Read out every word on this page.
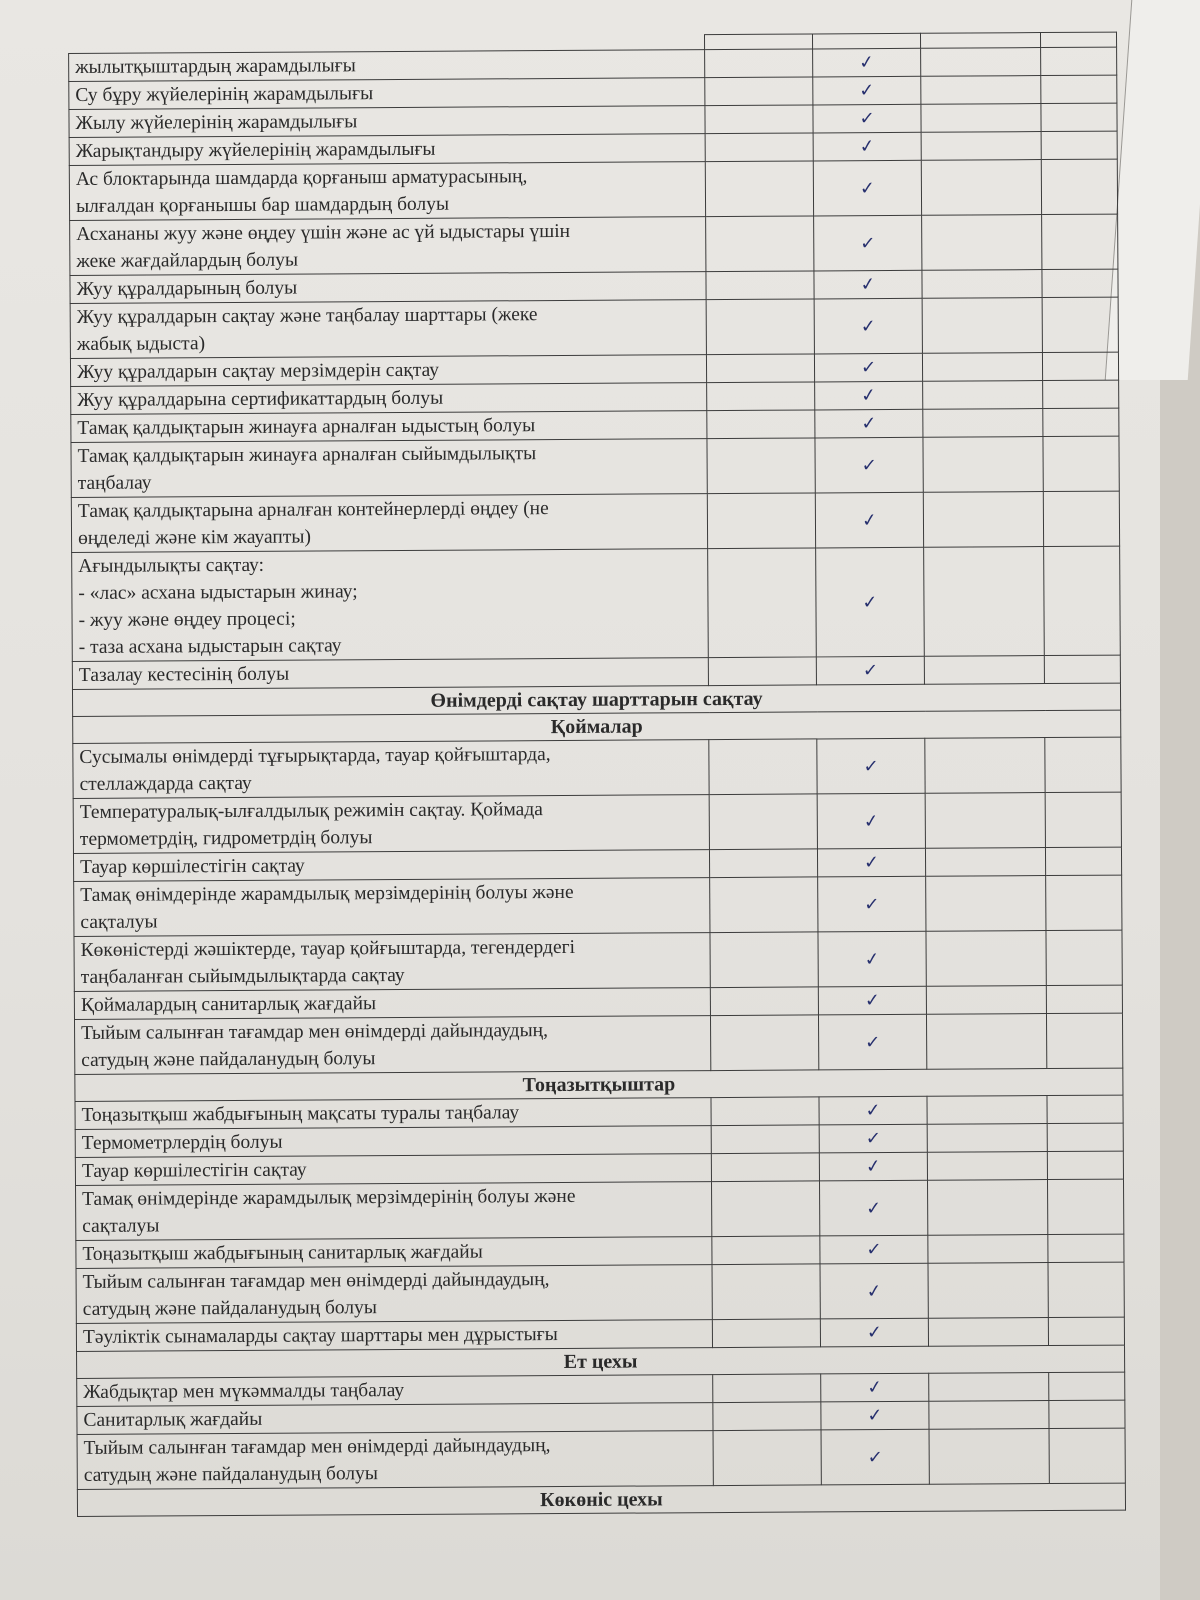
жылытқыштардың жарамдылығы		✓		
Су бұру жүйелерінің жарамдылығы		✓		
Жылу жүйелерінің жарамдылығы		✓		
Жарықтандыру жүйелерінің жарамдылығы		✓		
Ас блоктарында шамдарда қорғаныш арматурасының,
ылғалдан қорғанышы бар шамдардың болуы		✓		
Асхананы жуу және өңдеу үшін және ас үй ыдыстары үшін
жеке жағдайлардың болуы		✓		
Жуу құралдарының болуы		✓		
Жуу құралдарын сақтау және таңбалау шарттары (жеке
жабық ыдыста)		✓		
Жуу құралдарын сақтау мерзімдерін сақтау		✓		
Жуу құралдарына сертификаттардың болуы		✓		
Тамақ қалдықтарын жинауға арналған ыдыстың болуы		✓		
Тамақ қалдықтарын жинауға арналған сыйымдылықты
таңбалау		✓		
Тамақ қалдықтарына арналған контейнерлерді өңдеу (не
өңделеді және кім жауапты)		✓		
Ағындылықты сақтау:
- «лас» асхана ыдыстарын жинау;
- жуу және өңдеу процесі;
- таза асхана ыдыстарын сақтау		✓		
Тазалау кестесінің болуы		✓		
Өнімдерді сақтау шарттарын сақтау				
Қоймалар				
Сусымалы өнімдерді тұғырықтарда, тауар қойғыштарда,
стеллаждарда сақтау		✓		
Температуралық-ылғалдылық режимін сақтау. Қоймада
термометрдің, гидрометрдің болуы		✓		
Тауар көршілестігін сақтау		✓		
Тамақ өнімдерінде жарамдылық мерзімдерінің болуы және
сақталуы		✓		
Көкөністерді жәшіктерде, тауар қойғыштарда, тегендердегі
таңбаланған сыйымдылықтарда сақтау		✓		
Қоймалардың санитарлық жағдайы		✓		
Тыйым салынған тағамдар мен өнімдерді дайындаудың,
сатудың және пайдаланудың болуы		✓		
Тоңазытқыштар				
Тоңазытқыш жабдығының мақсаты туралы таңбалау		✓		
Термометрлердің болуы		✓		
Тауар көршілестігін сақтау		✓		
Тамақ өнімдерінде жарамдылық мерзімдерінің болуы және
сақталуы		✓		
Тоңазытқыш жабдығының санитарлық жағдайы		✓		
Тыйым салынған тағамдар мен өнімдерді дайындаудың,
сатудың және пайдаланудың болуы		✓		
Тәуліктік сынамаларды сақтау шарттары мен дұрыстығы		✓		
Ет цехы				
Жабдықтар мен мүкәммалды таңбалау		✓		
Санитарлық жағдайы		✓		
Тыйым салынған тағамдар мен өнімдерді дайындаудың,
сатудың және пайдаланудың болуы		✓		
Көкөніс цехы				
